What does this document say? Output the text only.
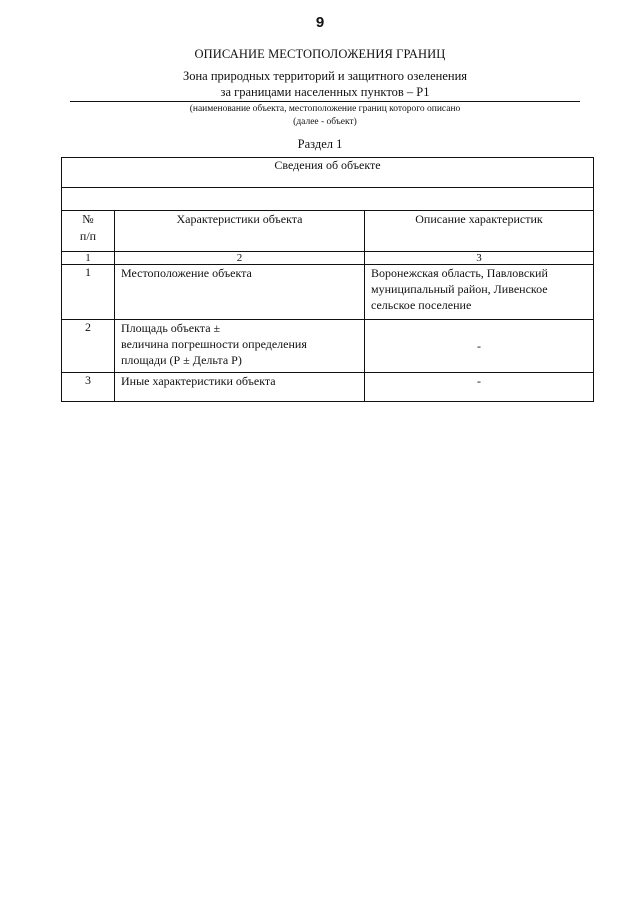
9
ОПИСАНИЕ МЕСТОПОЛОЖЕНИЯ ГРАНИЦ
Зона природных территорий и защитного озеленения
за границами населенных пунктов – Р1
(наименование объекта, местоположение границ которого описано
(далее - объект)
Раздел 1
Сведения об объекте		

№
п/п	Характеристики объекта	Описание характеристик
1	2	3
1	Местоположение объекта	Воронежская область, Павловский
муниципальный район, Ливенское
сельское поселение

2	Площадь объекта ±
величина погрешности определения
площади (Р ± Дельта Р)	-

3	Иные характеристики объекта	-
